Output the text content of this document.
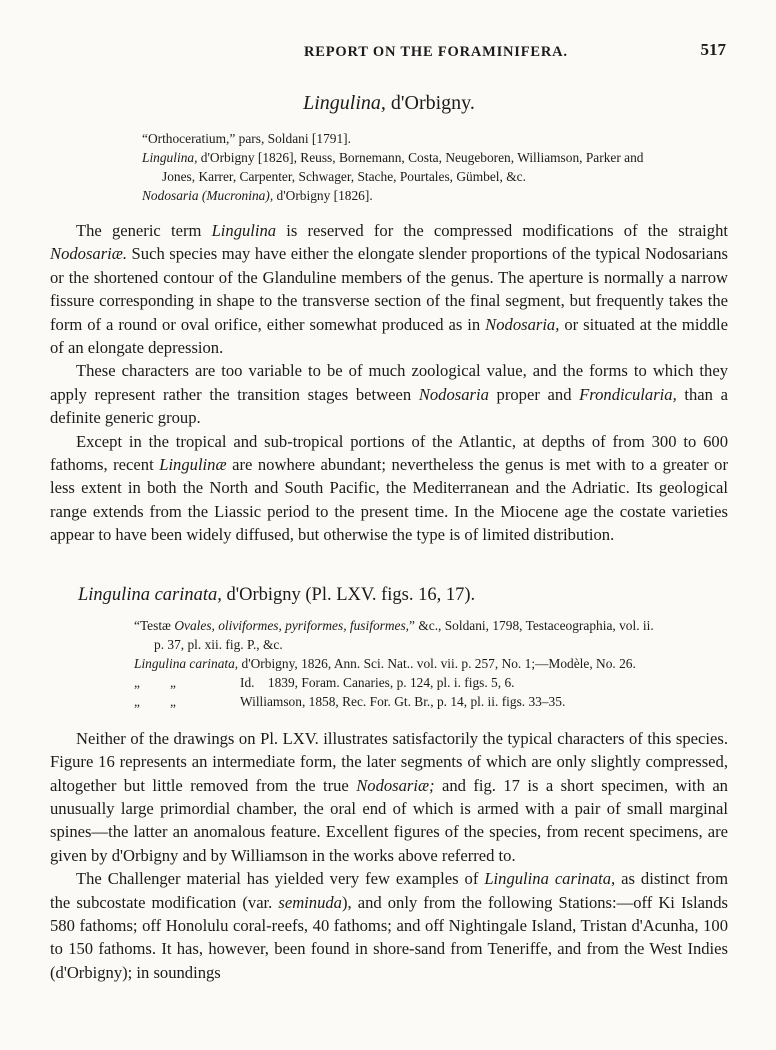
REPORT ON THE FORAMINIFERA.	517
Lingulina, d'Orbigny.
“Orthoceratium,” pars, Soldani [1791].
Lingulina, d'Orbigny [1826], Reuss, Bornemann, Costa, Neugeboren, Williamson, Parker and
Jones, Karrer, Carpenter, Schwager, Stache, Pourtales, Gümbel, &c.
Nodosaria (Mucronina), d'Orbigny [1826].

The generic term Lingulina is reserved for the compressed modifications of the straight Nodosariæ. Such species may have either the elongate slender proportions of the typical Nodosarians or the shortened contour of the Glanduline members of the genus. The aperture is normally a narrow fissure corresponding in shape to the transverse section of the final segment, but frequently takes the form of a round or oval orifice, either somewhat produced as in Nodosaria, or situated at the middle of an elongate depression.

These characters are too variable to be of much zoological value, and the forms to which they apply represent rather the transition stages between Nodosaria proper and Frondicularia, than a definite generic group.

Except in the tropical and sub-tropical portions of the Atlantic, at depths of from 300 to 600 fathoms, recent Lingulinæ are nowhere abundant; nevertheless the genus is met with to a greater or less extent in both the North and South Pacific, the Mediterranean and the Adriatic. Its geological range extends from the Liassic period to the present time. In the Miocene age the costate varieties appear to have been widely diffused, but otherwise the type is of limited distribution.

Lingulina carinata, d'Orbigny (Pl. LXV. figs. 16, 17).
“Testæ Ovales, oliviformes, pyriformes, fusiformes,” &c., Soldani, 1798, Testaceographia, vol. ii.
p. 37, pl. xii. fig. P., &c.
Lingulina carinata, d'Orbigny, 1826, Ann. Sci. Nat.. vol. vii. p. 257, No. 1;—Modèle, No. 26.
„	„	Id.    1839, Foram. Canaries, p. 124, pl. i. figs. 5, 6.
„	„	Williamson, 1858, Rec. For. Gt. Br., p. 14, pl. ii. figs. 33–35.

Neither of the drawings on Pl. LXV. illustrates satisfactorily the typical characters of this species. Figure 16 represents an intermediate form, the later segments of which are only slightly compressed, altogether but little removed from the true Nodosariæ; and fig. 17 is a short specimen, with an unusually large primordial chamber, the oral end of which is armed with a pair of small marginal spines—the latter an anomalous feature. Excellent figures of the species, from recent specimens, are given by d'Orbigny and by Williamson in the works above referred to.

The Challenger material has yielded very few examples of Lingulina carinata, as distinct from the subcostate modification (var. seminuda), and only from the following Stations:—off Ki Islands 580 fathoms; off Honolulu coral-reefs, 40 fathoms; and off Nightingale Island, Tristan d'Acunha, 100 to 150 fathoms. It has, however, been found in shore-sand from Teneriffe, and from the West Indies (d'Orbigny); in soundings
